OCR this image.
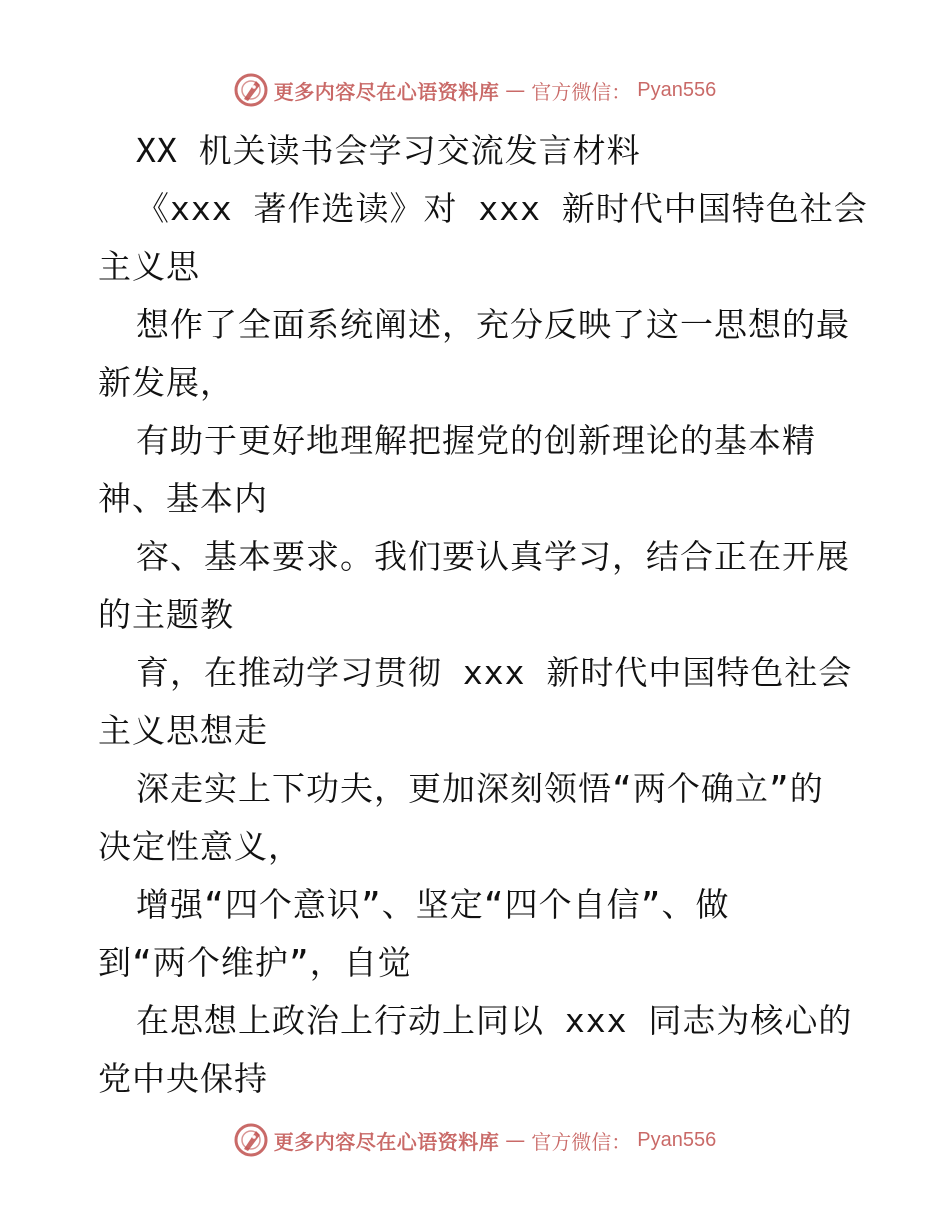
更多内容尽在心语资料库 — 官方微信： Pyan556
XX 机关读书会学习交流发言材料
《xxx 著作选读》对 xxx 新时代中国特色社会
主义思
想作了全面系统阐述，充分反映了这一思想的最
新发展，
有助于更好地理解把握党的创新理论的基本精
神、基本内
容、基本要求。我们要认真学习，结合正在开展
的主题教
育，在推动学习贯彻 xxx 新时代中国特色社会
主义思想走
深走实上下功夫，更加深刻领悟“两个确立”的
决定性意义，
增强“四个意识”、坚定“四个自信”、做
到“两个维护”，自觉
在思想上政治上行动上同以 xxx 同志为核心的
党中央保持
更多内容尽在心语资料库 — 官方微信： Pyan556
